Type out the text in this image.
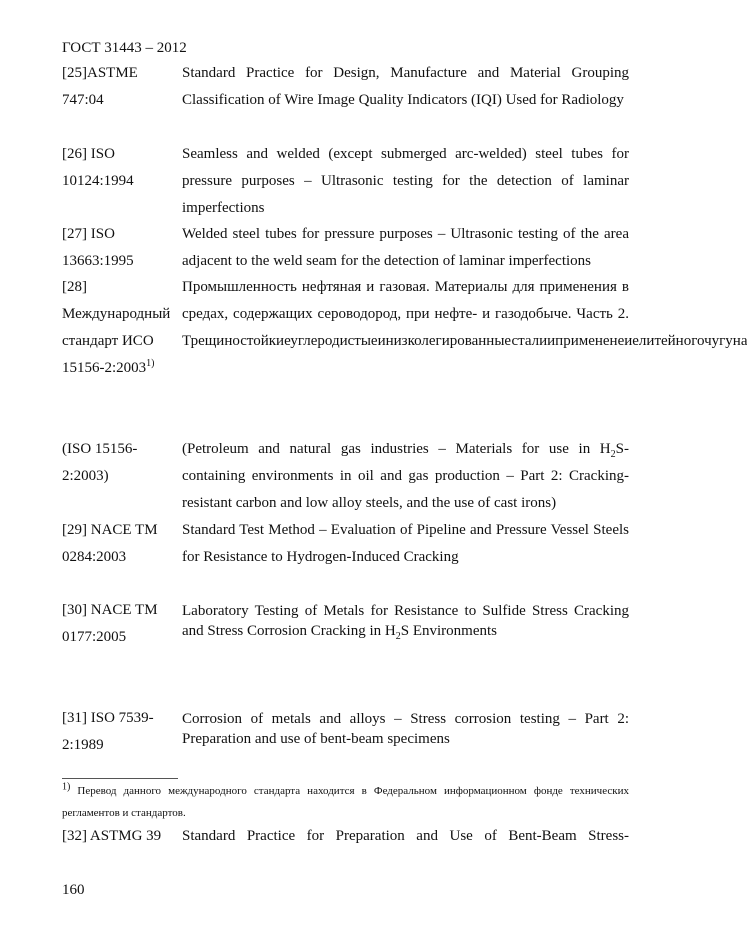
ГОСТ 31443 – 2012
[25]ASTME 747:04
Standard Practice for Design, Manufacture and Material Grouping Classification of Wire Image Quality Indicators (IQI) Used for Radiology
[26] ISO 10124:1994
Seamless and welded (except submerged arc-welded) steel tubes for pressure purposes – Ultrasonic testing for the detection of laminar imperfections
[27] ISO 13663:1995
Welded steel tubes for pressure purposes – Ultrasonic testing of the area adjacent to the weld seam for the detection of laminar imperfections
[28] Международный стандарт ИСО 15156-2:2003$^{1)}$
Промышленность нефтяная и газовая. Материалы для применения в средах, содержащих сероводород, при нефте- и газодобыче. Часть 2. Трещиностойкиеуглеродистыеинизколегированныесталиипримененеиелитейногочугуна
(ISO 15156-2:2003)
(Petroleum and natural gas industries – Materials for use in $H_2S$-containing environments in oil and gas production – Part 2: Cracking-resistant carbon and low alloy steels, and the use of cast irons)
[29] NACE TM 0284:2003
Standard Test Method – Evaluation of Pipeline and Pressure Vessel Steels for Resistance to Hydrogen-Induced Cracking
[30] NACE TM 0177:2005
Laboratory Testing of Metals for Resistance to Sulfide Stress Cracking and Stress Corrosion Cracking in $H_2S$ Environments
[31] ISO 7539-2:1989
Corrosion of metals and alloys – Stress corrosion testing – Part 2: Preparation and use of bent-beam specimens
$^{1)}$ Перевод данного международного стандарта находится в Федеральном информационном фонде технических регламентов и стандартов.
[32] ASTMG 39	Standard Practice for Preparation and Use of Bent-Beam Stress-
160
